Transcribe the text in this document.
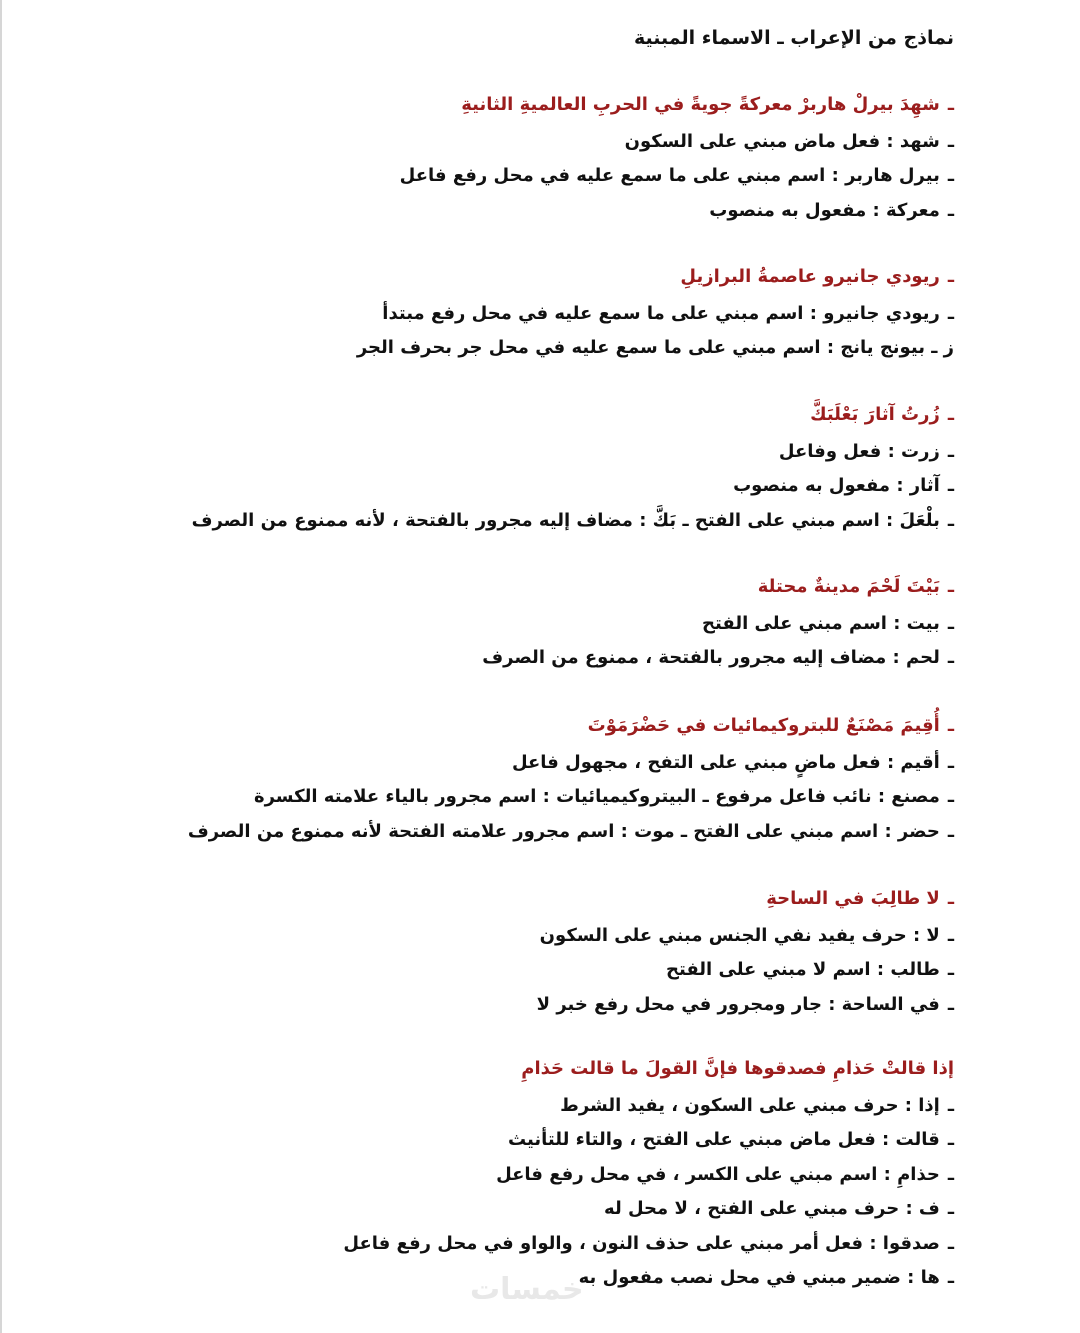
نماذج من الإعراب ـ الاسماء المبنية
ـشهِدَ بيرلْ هاربرْ معركةً جويةً في الحربِ العالميةِ الثانيةِ
ـشهد : فعل ماض مبني على السكون
ـبيرل هاربر : اسم مبني على ما سمع عليه في محل رفع فاعل
ـمعركة : مفعول به منصوب
ـريودي جانيرو عاصمةُ البرازيلِ
ـريودي جانيرو : اسم مبني على ما سمع عليه في محل رفع مبتدأ
ز ـ بيونج يانج : اسم مبني على ما سمع عليه في محل جر بحرف الجر
ـزُرتُ آثارَ بَعْلَبَكَّ
ـزرت : فعل وفاعل
ـآثار : مفعول به منصوب
ـبلْعَلَ : اسم مبني على الفتح ـ بَكَّ : مضاف إليه مجرور بالفتحة ، لأنه ممنوع من الصرف
ـبَيْتَ لَحْمَ مدينةٌ محتلة
ـبيت : اسم مبني على الفتح
ـلحم : مضاف إليه مجرور بالفتحة ، ممنوع من الصرف
ـأُقِيمَ مَصْنَعٌ للبتروكيمائيات في حَضْرَمَوْتَ
ـأقيم : فعل ماضٍ مبني على التفح ، مجهول فاعل
ـمصنع : نائب فاعل مرفوع ـ البيتروكيميائيات : اسم مجرور بالياء علامته الكسرة
ـحضر : اسم مبني على الفتح ـ موت : اسم مجرور علامته الفتحة لأنه ممنوع من الصرف
ـلا طالِبَ في الساحةِ
ـلا : حرف يفيد نفي الجنس مبني على السكون
ـطالب : اسم لا مبني على الفتح
ـفي الساحة : جار ومجرور في محل رفع خبر لا
إذا قالتْ حَذامِ فصدقوها فإنَّ القولَ ما قالت حَذامِ
ـإذا : حرف مبني على السكون ، يفيد الشرط
ـقالت : فعل ماض مبني على الفتح ، والتاء للتأنيث
ـحذامِ : اسم مبني على الكسر ، في محل رفع فاعل
ـف : حرف مبني على الفتح ، لا محل له
ـصدقوا : فعل أمر مبني على حذف النون ، والواو في محل رفع فاعل
ـها : ضمير مبني في محل نصب مفعول به
خمسات
